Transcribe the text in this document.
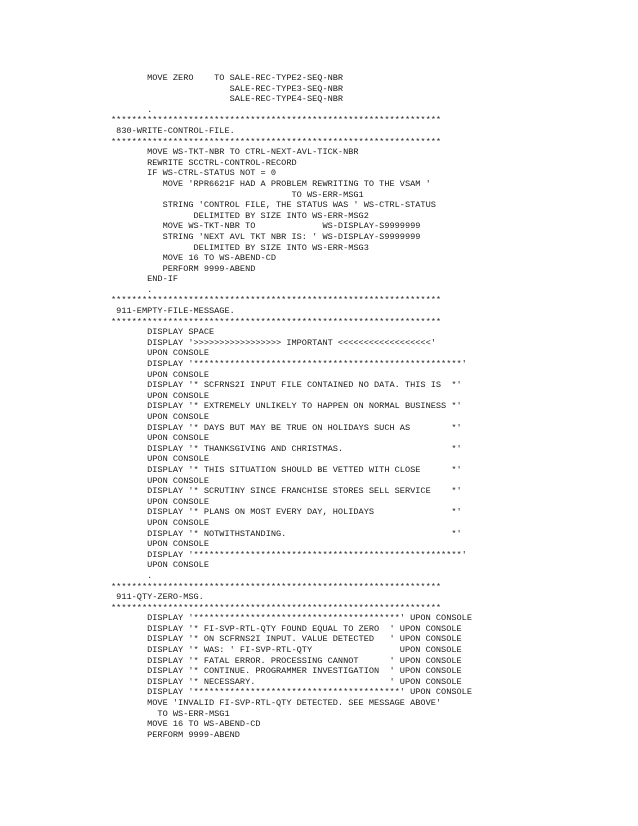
MOVE ZERO    TO SALE-REC-TYPE2-SEQ-NBR
SALE-REC-TYPE3-SEQ-NBR
SALE-REC-TYPE4-SEQ-NBR
.
****************************************************************
830-WRITE-CONTROL-FILE.
****************************************************************
MOVE WS-TKT-NBR TO CTRL-NEXT-AVL-TICK-NBR
REWRITE SCCTRL-CONTROL-RECORD
IF WS-CTRL-STATUS NOT = 0
MOVE 'RPR6621F HAD A PROBLEM REWRITING TO THE VSAM '
TO WS-ERR-MSG1
STRING 'CONTROL FILE, THE STATUS WAS ' WS-CTRL-STATUS
DELIMITED BY SIZE INTO WS-ERR-MSG2
MOVE WS-TKT-NBR TO             WS-DISPLAY-S9999999
STRING 'NEXT AVL TKT NBR IS: ' WS-DISPLAY-S9999999
DELIMITED BY SIZE INTO WS-ERR-MSG3
MOVE 16 TO WS-ABEND-CD
PERFORM 9999-ABEND
END-IF
.
****************************************************************
911-EMPTY-FILE-MESSAGE.
****************************************************************
DISPLAY SPACE
DISPLAY '>>>>>>>>>>>>>>>>> IMPORTANT <<<<<<<<<<<<<<<<<<'
UPON CONSOLE
DISPLAY '****************************************************'
UPON CONSOLE
DISPLAY '* SCFRNS2I INPUT FILE CONTAINED NO DATA. THIS IS  *'
UPON CONSOLE
DISPLAY '* EXTREMELY UNLIKELY TO HAPPEN ON NORMAL BUSINESS *'
UPON CONSOLE
DISPLAY '* DAYS BUT MAY BE TRUE ON HOLIDAYS SUCH AS        *'
UPON CONSOLE
DISPLAY '* THANKSGIVING AND CHRISTMAS.                     *'
UPON CONSOLE
DISPLAY '* THIS SITUATION SHOULD BE VETTED WITH CLOSE      *'
UPON CONSOLE
DISPLAY '* SCRUTINY SINCE FRANCHISE STORES SELL SERVICE    *'
UPON CONSOLE
DISPLAY '* PLANS ON MOST EVERY DAY, HOLIDAYS               *'
UPON CONSOLE
DISPLAY '* NOTWITHSTANDING.                                *'
UPON CONSOLE
DISPLAY '****************************************************'
UPON CONSOLE
.
****************************************************************
911-QTY-ZERO-MSG.
****************************************************************
DISPLAY '****************************************' UPON CONSOLE
DISPLAY '* FI-SVP-RTL-QTY FOUND EQUAL TO ZERO  ' UPON CONSOLE
DISPLAY '* ON SCFRNS2I INPUT. VALUE DETECTED   ' UPON CONSOLE
DISPLAY '* WAS: ' FI-SVP-RTL-QTY                 UPON CONSOLE
DISPLAY '* FATAL ERROR. PROCESSING CANNOT      ' UPON CONSOLE
DISPLAY '* CONTINUE. PROGRAMMER INVESTIGATION  ' UPON CONSOLE
DISPLAY '* NECESSARY.                          ' UPON CONSOLE
DISPLAY '****************************************' UPON CONSOLE
MOVE 'INVALID FI-SVP-RTL-QTY DETECTED. SEE MESSAGE ABOVE'
TO WS-ERR-MSG1
MOVE 16 TO WS-ABEND-CD
PERFORM 9999-ABEND
